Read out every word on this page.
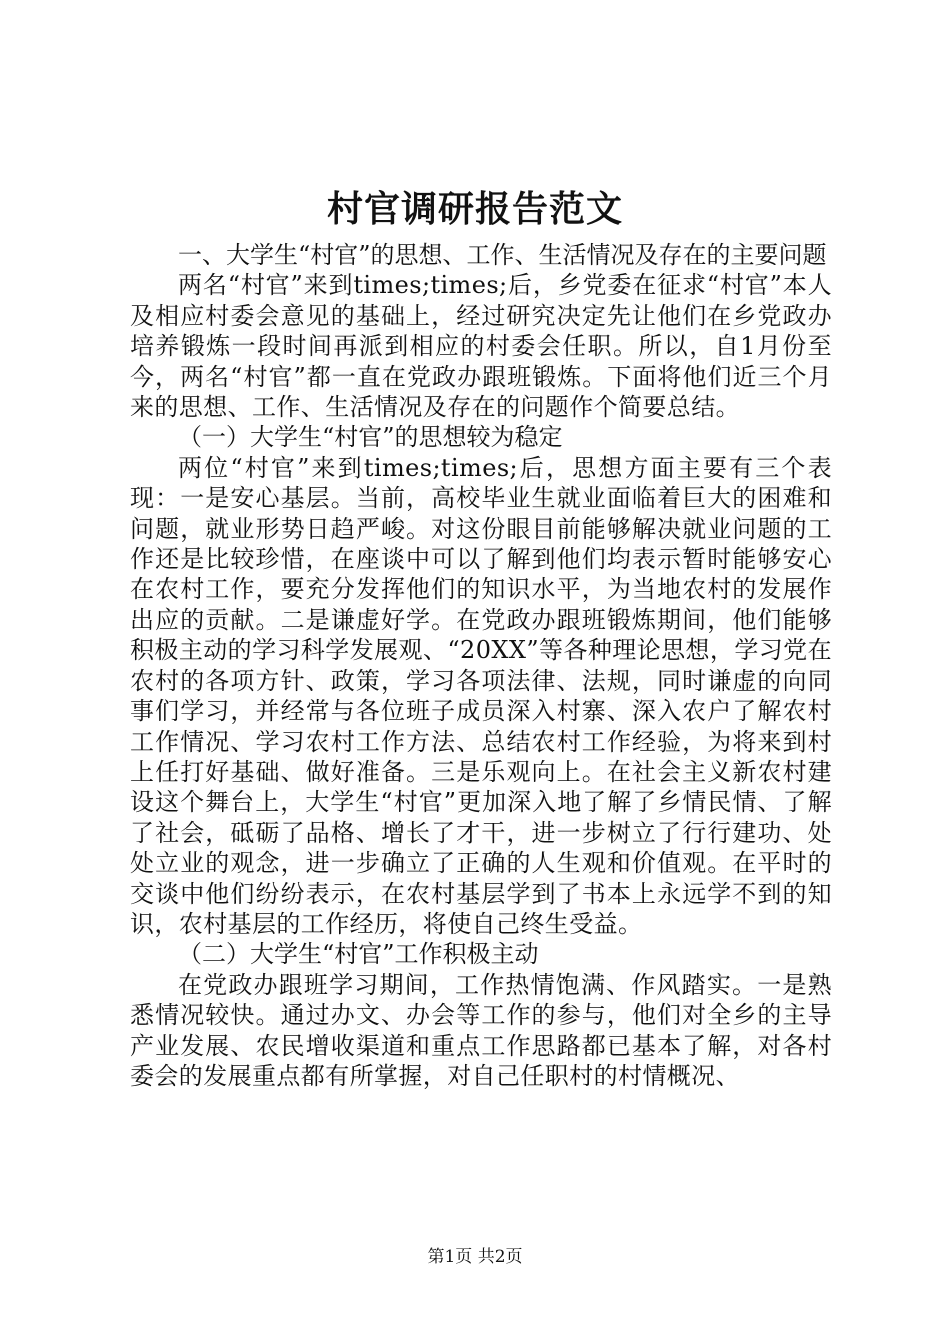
村官调研报告范文

一、大学生“村官”的思想、工作、生活情况及存在的主要问题

两名“村官”来到times;times;后，乡党委在征求“村官”本人及相应村委会意见的基础上，经过研究决定先让他们在乡党政办培养锻炼一段时间再派到相应的村委会任职。所以，自1月份至今，两名“村官”都一直在党政办跟班锻炼。下面将他们近三个月来的思想、工作、生活情况及存在的问题作个简要总结。

（一）大学生“村官”的思想较为稳定

两位“村官”来到times;times;后，思想方面主要有三个表现：一是安心基层。当前，高校毕业生就业面临着巨大的困难和问题，就业形势日趋严峻。对这份眼目前能够解决就业问题的工作还是比较珍惜，在座谈中可以了解到他们均表示暂时能够安心在农村工作，要充分发挥他们的知识水平，为当地农村的发展作出应的贡献。二是谦虚好学。在党政办跟班锻炼期间，他们能够积极主动的学习科学发展观、“20XX”等各种理论思想，学习党在农村的各项方针、政策，学习各项法律、法规，同时谦虚的向同事们学习，并经常与各位班子成员深入村寨、深入农户了解农村工作情况、学习农村工作方法、总结农村工作经验，为将来到村上任打好基础、做好准备。三是乐观向上。在社会主义新农村建设这个舞台上，大学生“村官”更加深入地了解了乡情民情、了解了社会，砥砺了品格、增长了才干，进一步树立了行行建功、处处立业的观念，进一步确立了正确的人生观和价值观。在平时的交谈中他们纷纷表示，在农村基层学到了书本上永远学不到的知识，农村基层的工作经历，将使自己终生受益。

（二）大学生“村官”工作积极主动

在党政办跟班学习期间，工作热情饱满、作风踏实。一是熟悉情况较快。通过办文、办会等工作的参与，他们对全乡的主导产业发展、农民增收渠道和重点工作思路都已基本了解，对各村委会的发展重点都有所掌握，对自己任职村的村情概况、

第1页 共2页
